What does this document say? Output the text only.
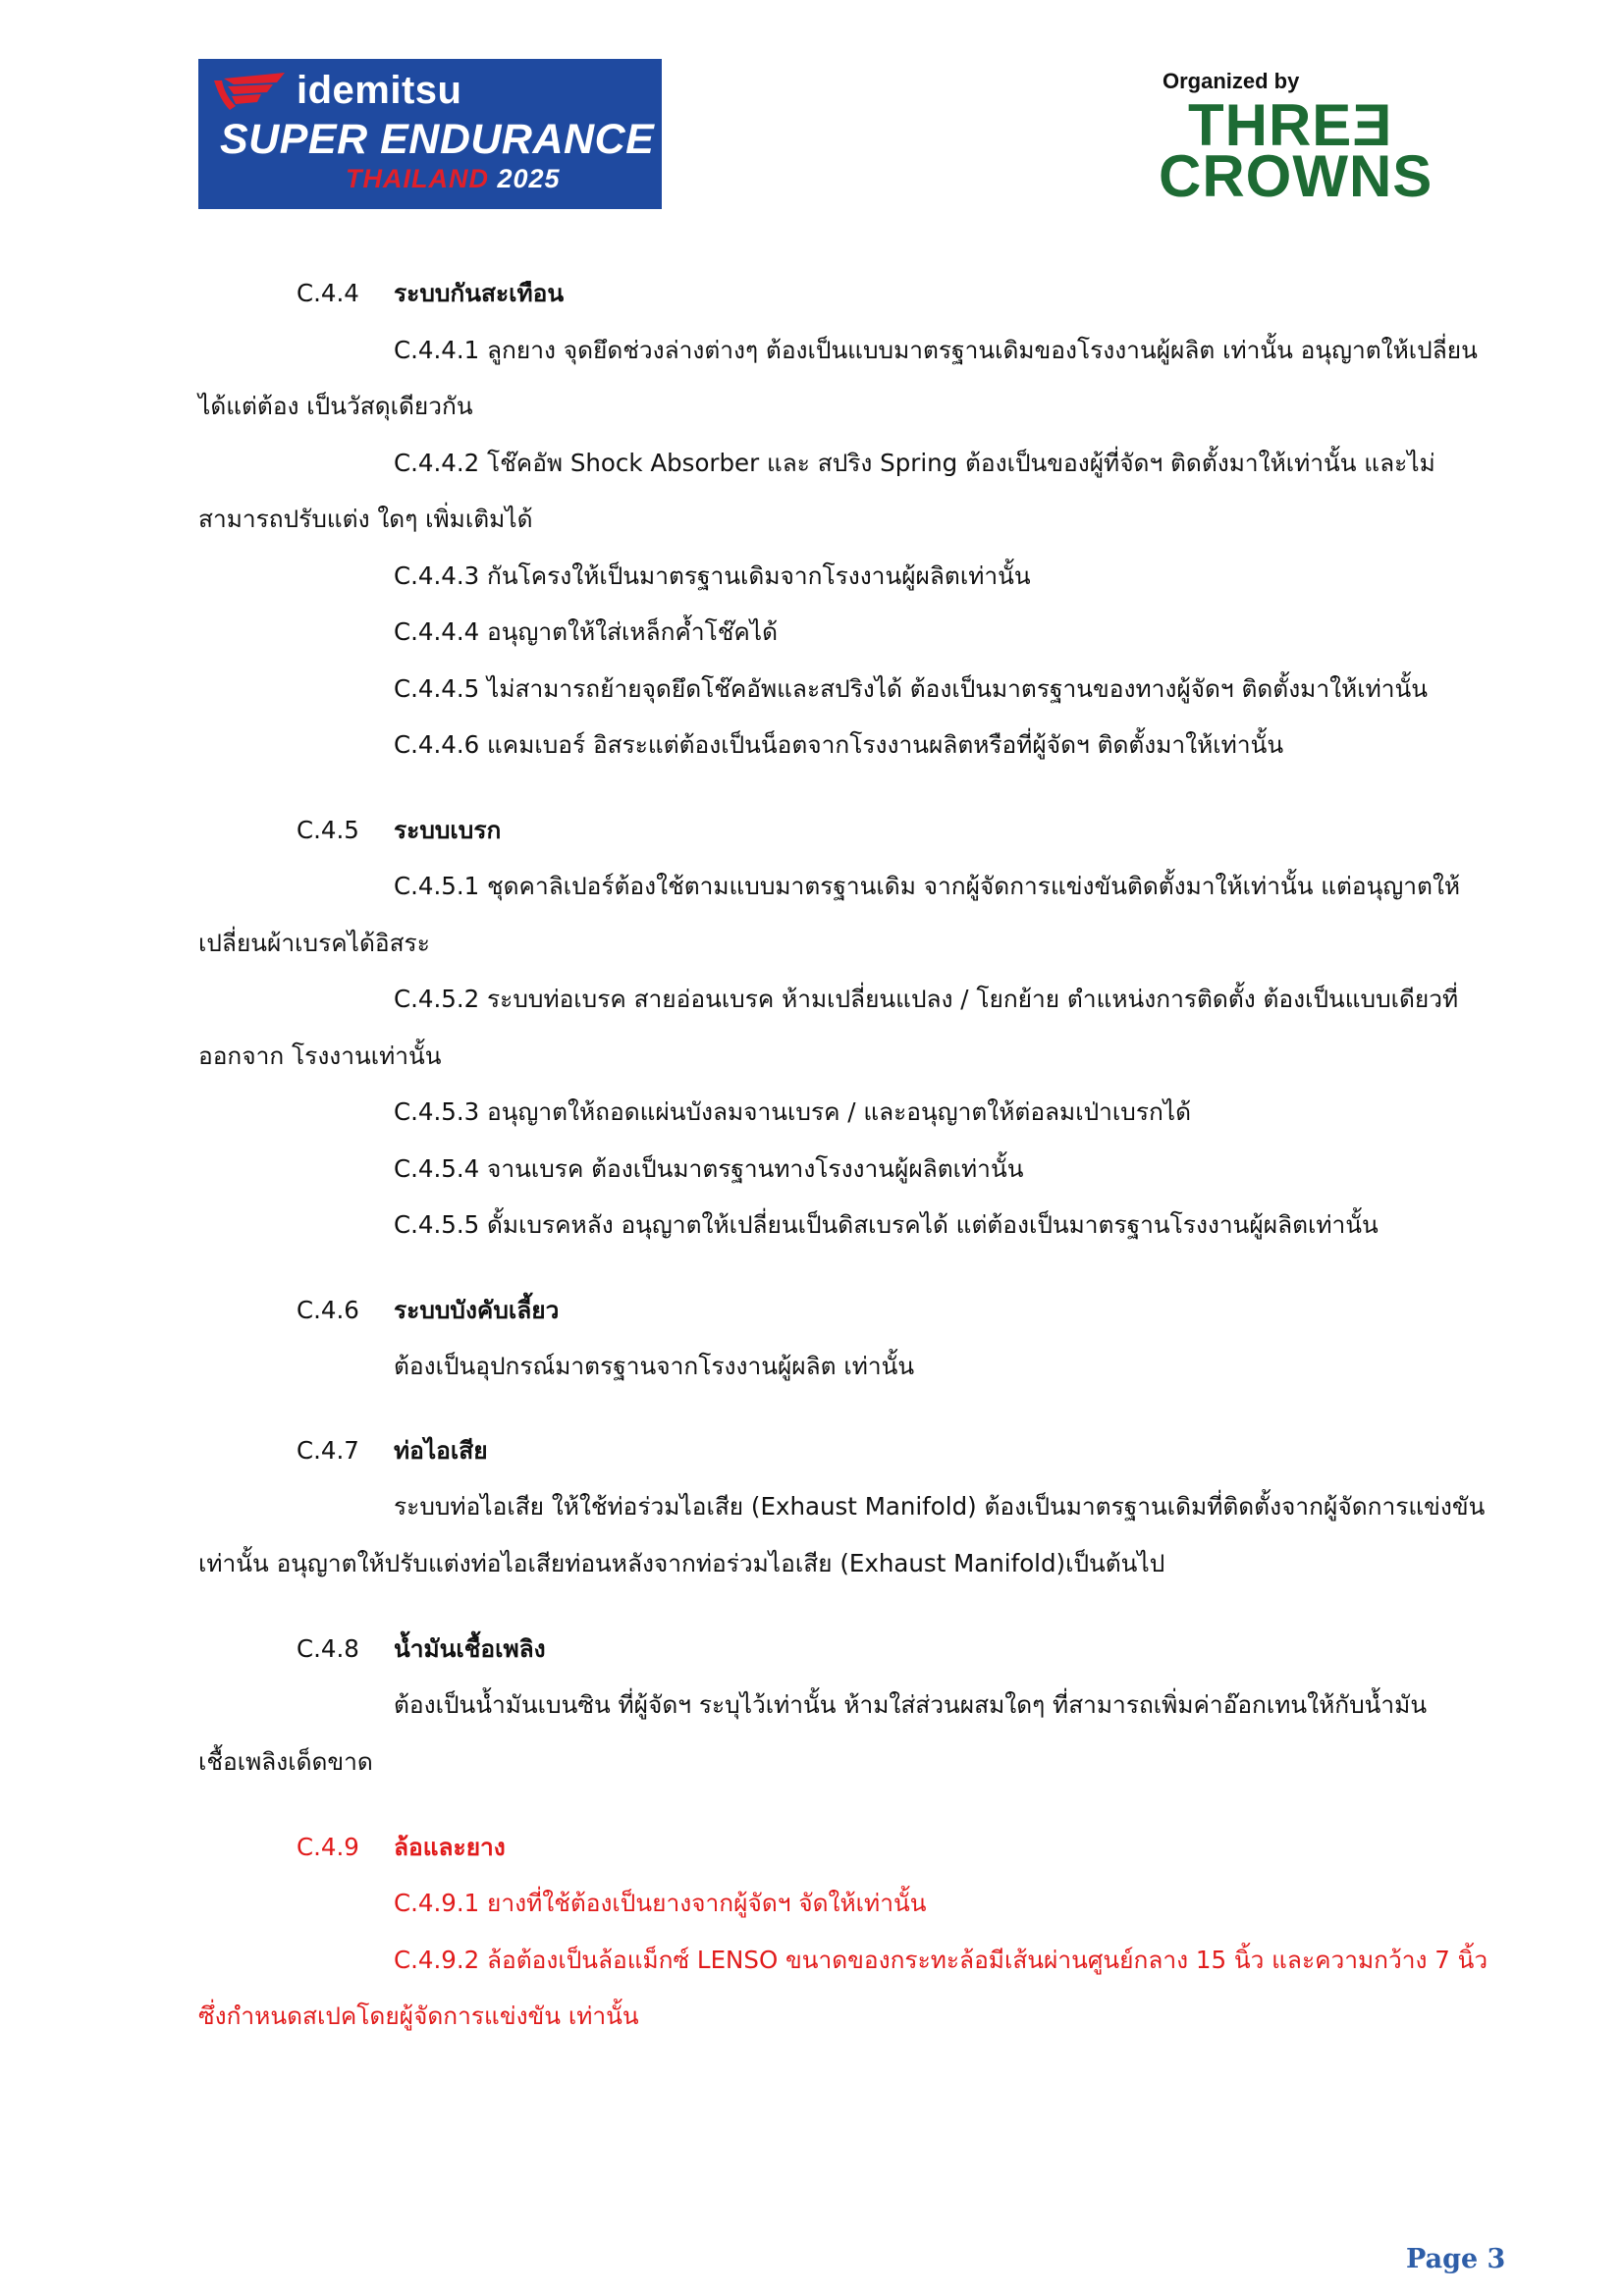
idemitsu
SUPER ENDURANCE
THAILAND 2025
Organized by
THREƎ
CROWNS
C.4.4 ระบบกันสะเทือน
C.4.4.1 ลูกยาง จุดยึดช่วงล่างต่างๆ ต้องเป็นแบบมาตรฐานเดิมของโรงงานผู้ผลิต เท่านั้น อนุญาตให้เปลี่ยน
ได้แต่ต้อง เป็นวัสดุเดียวกัน
C.4.4.2 โช๊คอัพ Shock Absorber และ สปริง Spring ต้องเป็นของผู้ที่จัดฯ ติดตั้งมาให้เท่านั้น และไม่
สามารถปรับแต่ง ใดๆ เพิ่มเติมได้
C.4.4.3 กันโครงให้เป็นมาตรฐานเดิมจากโรงงานผู้ผลิตเท่านั้น
C.4.4.4 อนุญาตให้ใส่เหล็กค้ำโช๊คได้
C.4.4.5 ไม่สามารถย้ายจุดยึดโช๊คอัพและสปริงได้ ต้องเป็นมาตรฐานของทางผู้จัดฯ ติดตั้งมาให้เท่านั้น
C.4.4.6 แคมเบอร์ อิสระแต่ต้องเป็นน็อตจากโรงงานผลิตหรือที่ผู้จัดฯ ติดตั้งมาให้เท่านั้น
C.4.5 ระบบเบรก
C.4.5.1 ชุดคาลิเปอร์ต้องใช้ตามแบบมาตรฐานเดิม จากผู้จัดการแข่งขันติดตั้งมาให้เท่านั้น แต่อนุญาตให้
เปลี่ยนผ้าเบรคได้อิสระ
C.4.5.2 ระบบท่อเบรค สายอ่อนเบรค ห้ามเปลี่ยนแปลง / โยกย้าย ตำแหน่งการติดตั้ง ต้องเป็นแบบเดียวที่
ออกจาก โรงงานเท่านั้น
C.4.5.3 อนุญาตให้ถอดแผ่นบังลมจานเบรค / และอนุญาตให้ต่อลมเป่าเบรกได้
C.4.5.4 จานเบรค ต้องเป็นมาตรฐานทางโรงงานผู้ผลิตเท่านั้น
C.4.5.5 ดั้มเบรคหลัง อนุญาตให้เปลี่ยนเป็นดิสเบรคได้ แต่ต้องเป็นมาตรฐานโรงงานผู้ผลิตเท่านั้น
C.4.6 ระบบบังคับเลี้ยว
ต้องเป็นอุปกรณ์มาตรฐานจากโรงงานผู้ผลิต เท่านั้น
C.4.7 ท่อไอเสีย
ระบบท่อไอเสีย ให้ใช้ท่อร่วมไอเสีย (Exhaust Manifold) ต้องเป็นมาตรฐานเดิมที่ติดตั้งจากผู้จัดการแข่งขัน
เท่านั้น อนุญาตให้ปรับแต่งท่อไอเสียท่อนหลังจากท่อร่วมไอเสีย (Exhaust Manifold)เป็นต้นไป
C.4.8 น้ำมันเชื้อเพลิง
ต้องเป็นน้ำมันเบนซิน ที่ผู้จัดฯ ระบุไว้เท่านั้น ห้ามใส่ส่วนผสมใดๆ ที่สามารถเพิ่มค่าอ๊อกเทนให้กับน้ำมัน
เชื้อเพลิงเด็ดขาด
C.4.9 ล้อและยาง
C.4.9.1 ยางที่ใช้ต้องเป็นยางจากผู้จัดฯ จัดให้เท่านั้น
C.4.9.2 ล้อต้องเป็นล้อแม็กซ์ LENSO ขนาดของกระทะล้อมีเส้นผ่านศูนย์กลาง 15 นิ้ว และความกว้าง 7 นิ้ว
ซึ่งกำหนดสเปคโดยผู้จัดการแข่งขัน เท่านั้น
Page 3
